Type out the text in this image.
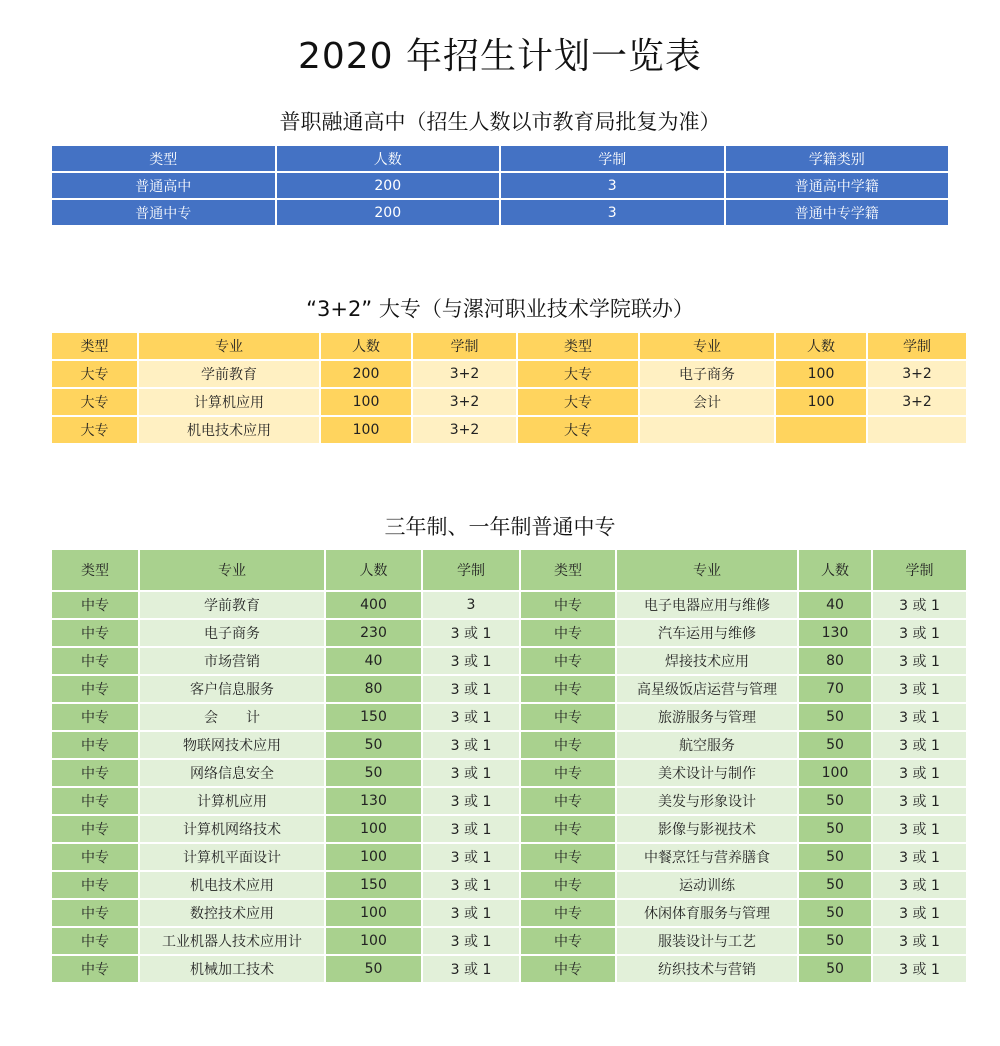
2020 年招生计划一览表
普职融通高中（招生人数以市教育局批复为准）
类型	人数	学制	学籍类别
普通高中	200	3	普通高中学籍
普通中专	200	3	普通中专学籍
“3+2” 大专（与漯河职业技术学院联办）
类型	专业	人数	学制	类型	专业	人数	学制
大专	学前教育	200	3+2	大专	电子商务	100	3+2
大专	计算机应用	100	3+2	大专	会计	100	3+2
大专	机电技术应用	100	3+2	大专			
三年制、一年制普通中专
类型	专业	人数	学制	类型	专业	人数	学制
中专	学前教育	400	3	中专	电子电器应用与维修	40	3 或 1
中专	电子商务	230	3 或 1	中专	汽车运用与维修	130	3 或 1
中专	市场营销	40	3 或 1	中专	焊接技术应用	80	3 或 1
中专	客户信息服务	80	3 或 1	中专	高星级饭店运营与管理	70	3 或 1
中专	会　　计	150	3 或 1	中专	旅游服务与管理	50	3 或 1
中专	物联网技术应用	50	3 或 1	中专	航空服务	50	3 或 1
中专	网络信息安全	50	3 或 1	中专	美术设计与制作	100	3 或 1
中专	计算机应用	130	3 或 1	中专	美发与形象设计	50	3 或 1
中专	计算机网络技术	100	3 或 1	中专	影像与影视技术	50	3 或 1
中专	计算机平面设计	100	3 或 1	中专	中餐烹饪与营养膳食	50	3 或 1
中专	机电技术应用	150	3 或 1	中专	运动训练	50	3 或 1
中专	数控技术应用	100	3 或 1	中专	休闲体育服务与管理	50	3 或 1
中专	工业机器人技术应用计	100	3 或 1	中专	服装设计与工艺	50	3 或 1
中专	机械加工技术	50	3 或 1	中专	纺织技术与营销	50	3 或 1
